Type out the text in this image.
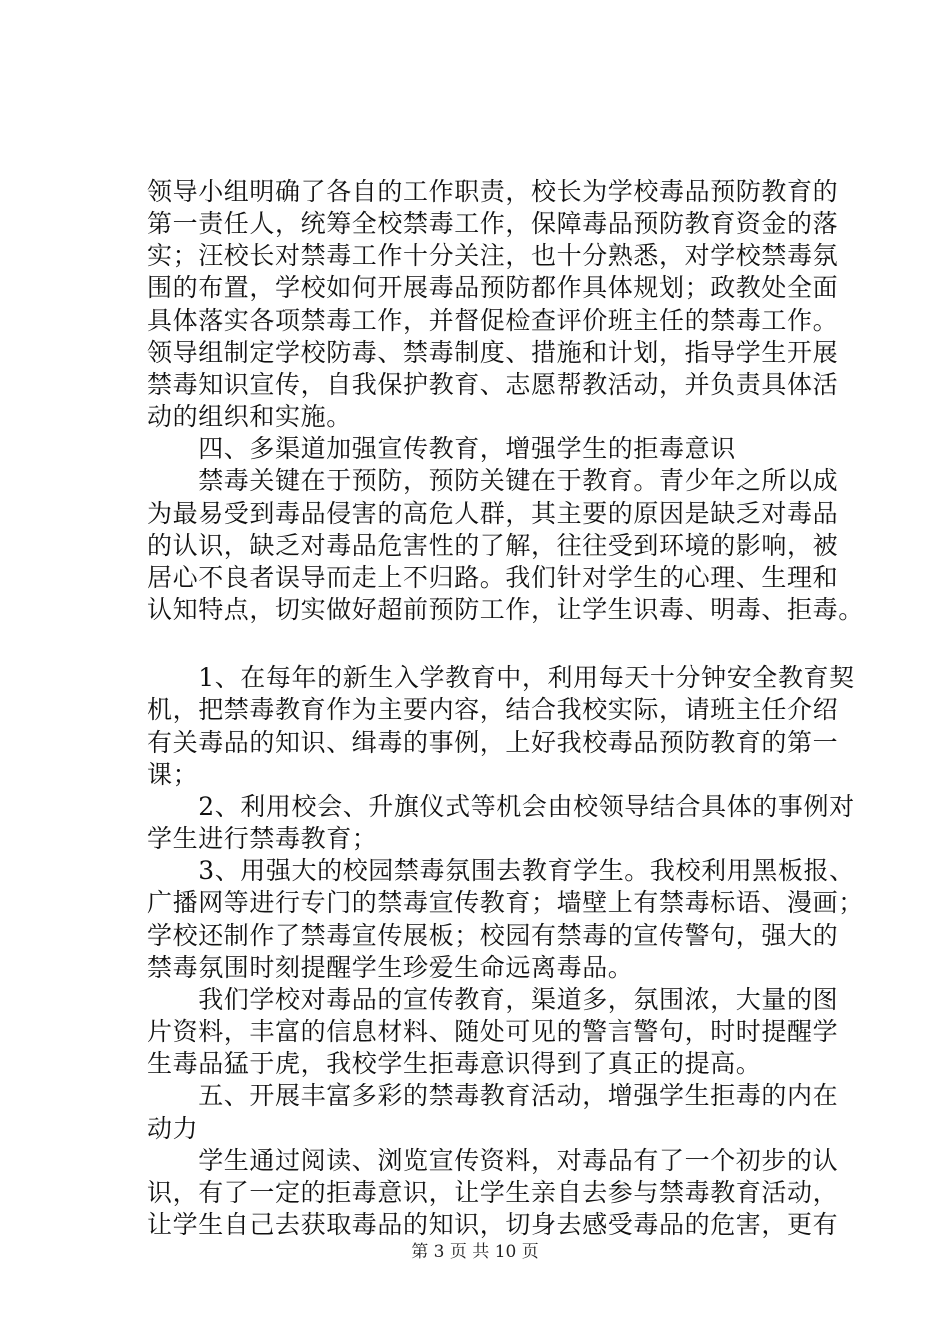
领导小组明确了各自的工作职责，校长为学校毒品预防教育的
第一责任人，统筹全校禁毒工作，保障毒品预防教育资金的落
实；汪校长对禁毒工作十分关注，也十分熟悉，对学校禁毒氛
围的布置，学校如何开展毒品预防都作具体规划；政教处全面
具体落实各项禁毒工作，并督促检查评价班主任的禁毒工作。
领导组制定学校防毒、禁毒制度、措施和计划，指导学生开展
禁毒知识宣传，自我保护教育、志愿帮教活动，并负责具体活
动的组织和实施。
　　四、多渠道加强宣传教育，增强学生的拒毒意识
　　禁毒关键在于预防，预防关键在于教育。青少年之所以成
为最易受到毒品侵害的高危人群，其主要的原因是缺乏对毒品
的认识，缺乏对毒品危害性的了解，往往受到环境的影响，被
居心不良者误导而走上不归路。我们针对学生的心理、生理和
认知特点，切实做好超前预防工作，让学生识毒、明毒、拒毒。
　　1、在每年的新生入学教育中，利用每天十分钟安全教育契
机，把禁毒教育作为主要内容，结合我校实际，请班主任介绍
有关毒品的知识、缉毒的事例，上好我校毒品预防教育的第一
课；
　　2、利用校会、升旗仪式等机会由校领导结合具体的事例对
学生进行禁毒教育；
　　3、用强大的校园禁毒氛围去教育学生。我校利用黑板报、
广播网等进行专门的禁毒宣传教育；墙壁上有禁毒标语、漫画；
学校还制作了禁毒宣传展板；校园有禁毒的宣传警句，强大的
禁毒氛围时刻提醒学生珍爱生命远离毒品。
　　我们学校对毒品的宣传教育，渠道多，氛围浓，大量的图
片资料，丰富的信息材料、随处可见的警言警句，时时提醒学
生毒品猛于虎，我校学生拒毒意识得到了真正的提高。
　　五、开展丰富多彩的禁毒教育活动，增强学生拒毒的内在
动力
　　学生通过阅读、浏览宣传资料，对毒品有了一个初步的认
识，有了一定的拒毒意识，让学生亲自去参与禁毒教育活动，
让学生自己去获取毒品的知识，切身去感受毒品的危害，更有
第 3 页 共 10 页
